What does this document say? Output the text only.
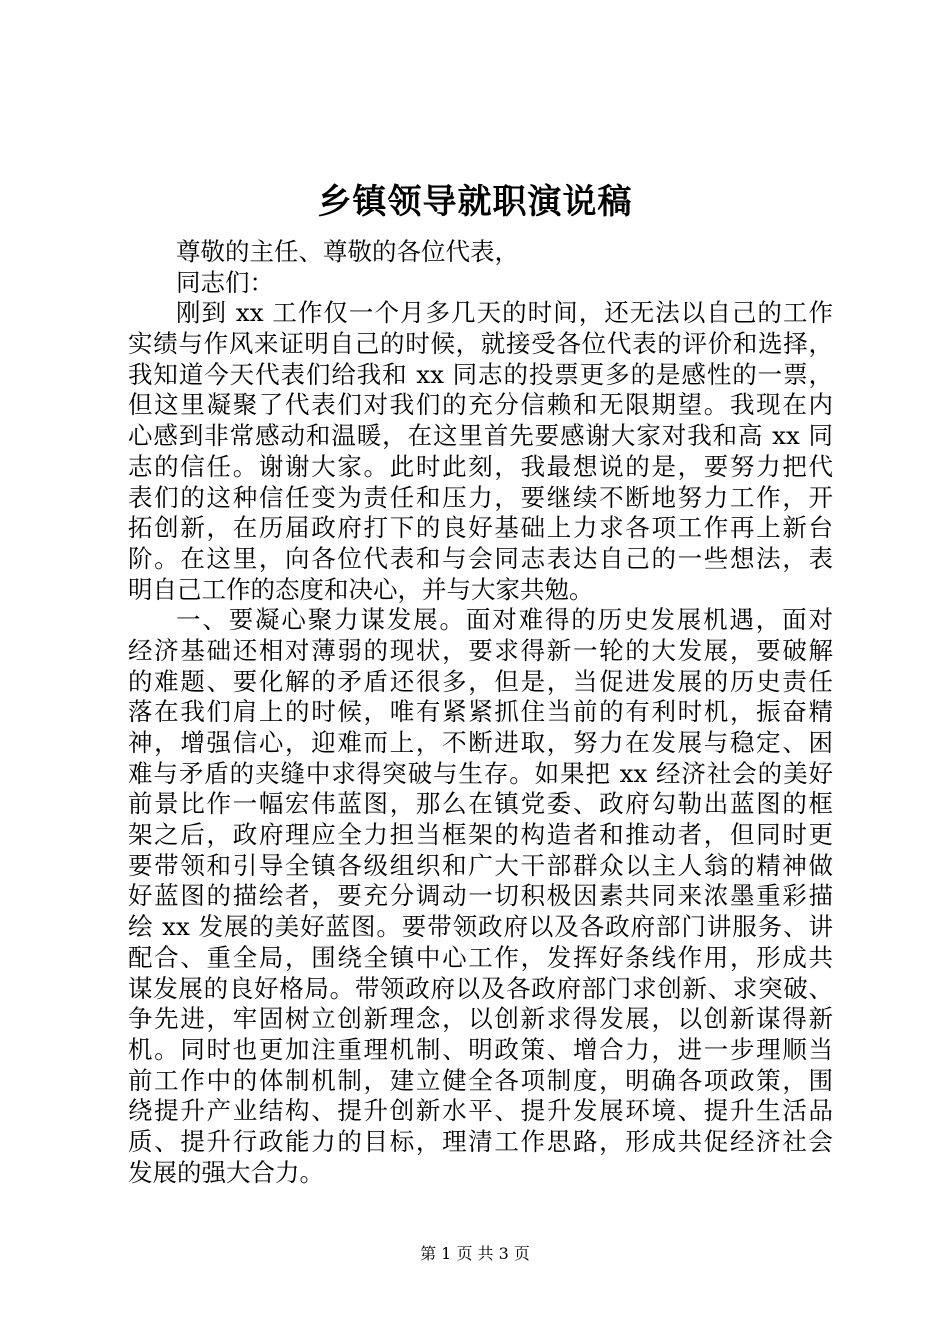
乡镇领导就职演说稿
尊敬的主任、尊敬的各位代表，
同志们：
刚到 xx 工作仅一个月多几天的时间，还无法以自己的工作
实绩与作风来证明自己的时候，就接受各位代表的评价和选择，
我知道今天代表们给我和 xx 同志的投票更多的是感性的一票，
但这里凝聚了代表们对我们的充分信赖和无限期望。我现在内
心感到非常感动和温暖，在这里首先要感谢大家对我和高 xx 同
志的信任。谢谢大家。此时此刻，我最想说的是，要努力把代
表们的这种信任变为责任和压力，要继续不断地努力工作，开
拓创新，在历届政府打下的良好基础上力求各项工作再上新台
阶。在这里，向各位代表和与会同志表达自己的一些想法，表
明自己工作的态度和决心，并与大家共勉。
一、要凝心聚力谋发展。面对难得的历史发展机遇，面对
经济基础还相对薄弱的现状，要求得新一轮的大发展，要破解
的难题、要化解的矛盾还很多，但是，当促进发展的历史责任
落在我们肩上的时候，唯有紧紧抓住当前的有利时机，振奋精
神，增强信心，迎难而上，不断进取，努力在发展与稳定、困
难与矛盾的夹缝中求得突破与生存。如果把 xx 经济社会的美好
前景比作一幅宏伟蓝图，那么在镇党委、政府勾勒出蓝图的框
架之后，政府理应全力担当框架的构造者和推动者，但同时更
要带领和引导全镇各级组织和广大干部群众以主人翁的精神做
好蓝图的描绘者，要充分调动一切积极因素共同来浓墨重彩描
绘 xx 发展的美好蓝图。要带领政府以及各政府部门讲服务、讲
配合、重全局，围绕全镇中心工作，发挥好条线作用，形成共
谋发展的良好格局。带领政府以及各政府部门求创新、求突破、
争先进，牢固树立创新理念，以创新求得发展，以创新谋得新
机。同时也更加注重理机制、明政策、增合力，进一步理顺当
前工作中的体制机制，建立健全各项制度，明确各项政策，围
绕提升产业结构、提升创新水平、提升发展环境、提升生活品
质、提升行政能力的目标，理清工作思路，形成共促经济社会
发展的强大合力。
第 1 页 共 3 页
